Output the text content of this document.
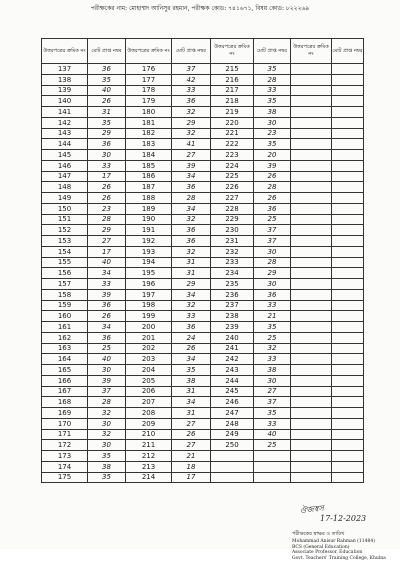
পরীক্ষকের নাম: মোহাম্মদ আনিসুর রহমান, পরীক্ষক কোড: ৭৪১৬৭১, বিষয় কোড: ৮২২২৬৯
উত্তরপত্রের ক্রমিক নং	মোট প্রাপ্ত নম্বর	উত্তরপত্রের ক্রমিক নং	মোট প্রাপ্ত নম্বর	উত্তরপত্রের ক্রমিক নং	মোট প্রাপ্ত নম্বর	উত্তরপত্রের ক্রমিক নং	মোট প্রাপ্ত নম্বর
137	36	176	37	215	35		
138	35	177	42	216	28		
139	40	178	33	217	33		
140	26	179	36	218	35		
141	31	180	32	219	38		
142	35	181	29	220	30		
143	29	182	32	221	23		
144	36	183	41	222	35		
145	30	184	27	223	20		
146	33	185	39	224	39		
147	17	186	34	225	26		
148	26	187	36	226	28		
149	26	188	28	227	26		
150	23	189	34	228	36		
151	28	190	32	229	25		
152	29	191	36	230	37		
153	27	192	36	231	37		
154	17	193	32	232	30		
155	40	194	31	233	28		
156	34	195	31	234	29		
157	33	196	29	235	30		
158	39	197	34	236	36		
159	36	198	32	237	33		
160	26	199	33	238	21		
161	34	200	36	239	35		
162	36	201	24	240	25		
163	25	202	26	241	32		
164	40	203	34	242	33		
165	30	204	35	243	38		
166	39	205	38	244	30		
167	37	206	31	245	27		
168	28	207	34	246	37		
169	32	208	31	247	35		
170	30	209	27	248	33		
171	32	210	26	249	40		
172	30	211	27	250	25		
173	35	212	21				
174	38	213	18				
175	35	214	17				
ঔজস্বস
17-12-2023
পরীক্ষকের স্বাক্ষর ও তারিখ
Mohammad Anisur Rahman (11484)
BCS (General Education)
Associate Professor, Education
Govt. Teachers' Training College, Khulna
